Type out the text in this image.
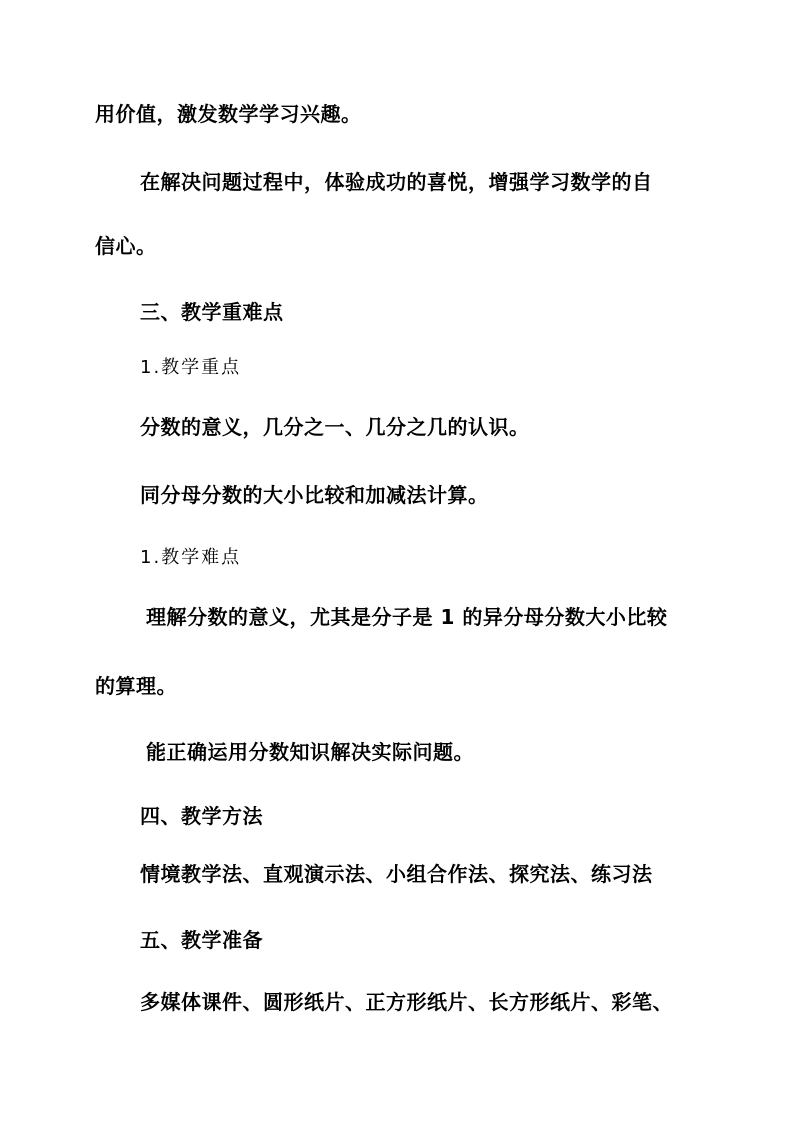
用价值，激发数学学习兴趣。
在解决问题过程中，体验成功的喜悦，增强学习数学的自
信心。
三、教学重难点
1.教学重点
分数的意义，几分之一、几分之几的认识。
同分母分数的大小比较和加减法计算。
1.教学难点
理解分数的意义，尤其是分子是 1 的异分母分数大小比较
的算理。
能正确运用分数知识解决实际问题。
四、教学方法
情境教学法、直观演示法、小组合作法、探究法、练习法
五、教学准备
多媒体课件、圆形纸片、正方形纸片、长方形纸片、彩笔、
